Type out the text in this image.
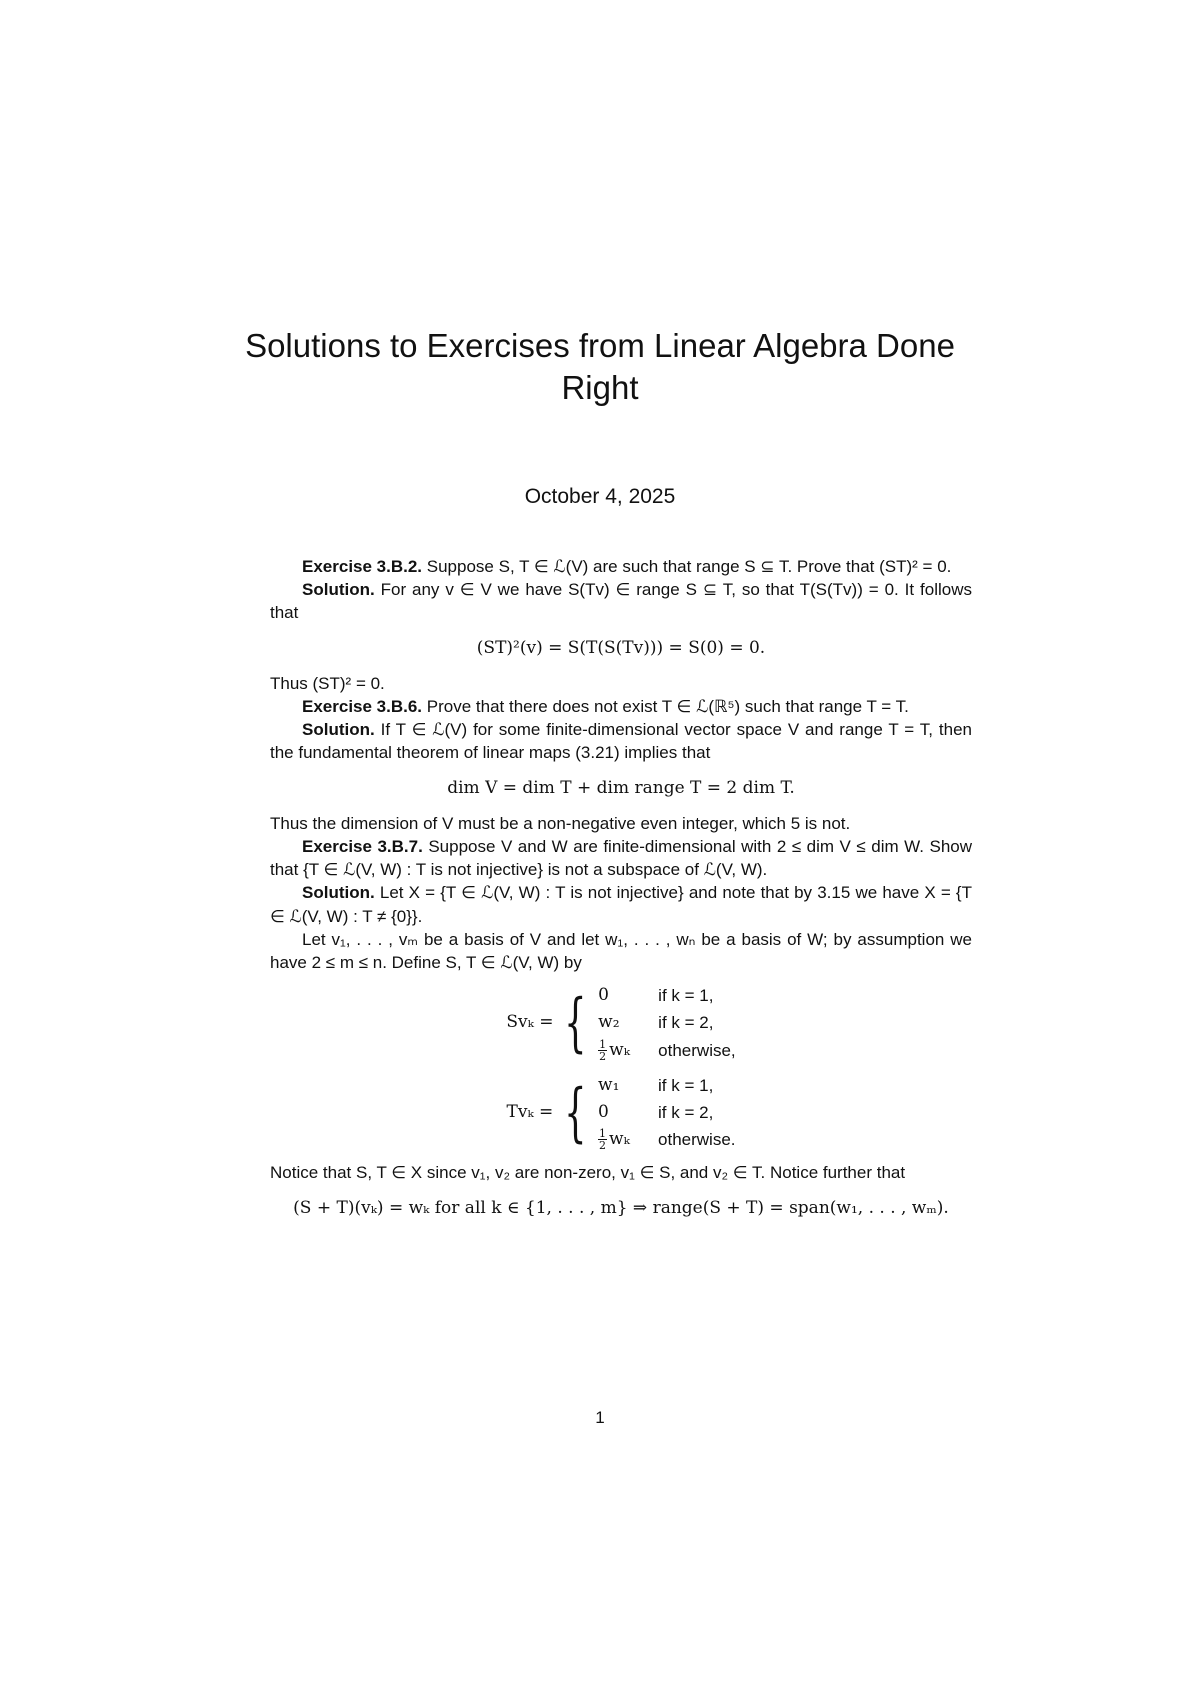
Solutions to Exercises from Linear Algebra Done Right
October 4, 2025

Exercise 3.B.2. Suppose S, T ∈ ℒ(V) are such that range S ⊆ T. Prove that (ST)² = 0.

Solution. For any v ∈ V we have S(Tv) ∈ range S ⊆ T, so that T(S(Tv)) = 0. It follows that

(ST)²(v) = S(T(S(Tv))) = S(0) = 0.

Thus (ST)² = 0.

Exercise 3.B.6. Prove that there does not exist T ∈ ℒ(ℝ⁵) such that range T = T.

Solution. If T ∈ ℒ(V) for some finite-dimensional vector space V and range T = T, then the fundamental theorem of linear maps (3.21) implies that

dim V = dim T + dim range T = 2 dim T.

Thus the dimension of V must be a non-negative even integer, which 5 is not.

Exercise 3.B.7. Suppose V and W are finite-dimensional with 2 ≤ dim V ≤ dim W. Show that {T ∈ ℒ(V, W) : T is not injective} is not a subspace of ℒ(V, W).

Solution. Let X = {T ∈ ℒ(V, W) : T is not injective} and note that by 3.15 we have X = {T ∈ ℒ(V, W) : T ≠ {0}}.

Let v₁, . . . , vₘ be a basis of V and let w₁, . . . , wₙ be a basis of W; by assumption we have 2 ≤ m ≤ n. Define S, T ∈ ℒ(V, W) by

Svₖ = { 0	if k = 1,
w₂	if k = 2,

$\frac{1}{2}$ wₖ	otherwise,
Tvₖ = { w₁	if k = 1,
0	if k = 2,

$\frac{1}{2}$ wₖ	otherwise.

Notice that S, T ∈ X since v₁, v₂ are non-zero, v₁ ∈ S, and v₂ ∈ T. Notice further that

(S + T)(vₖ) = wₖ for all k ∈ {1, . . . , m} ⇒ range(S + T) = span(w₁, . . . , wₘ).

1
